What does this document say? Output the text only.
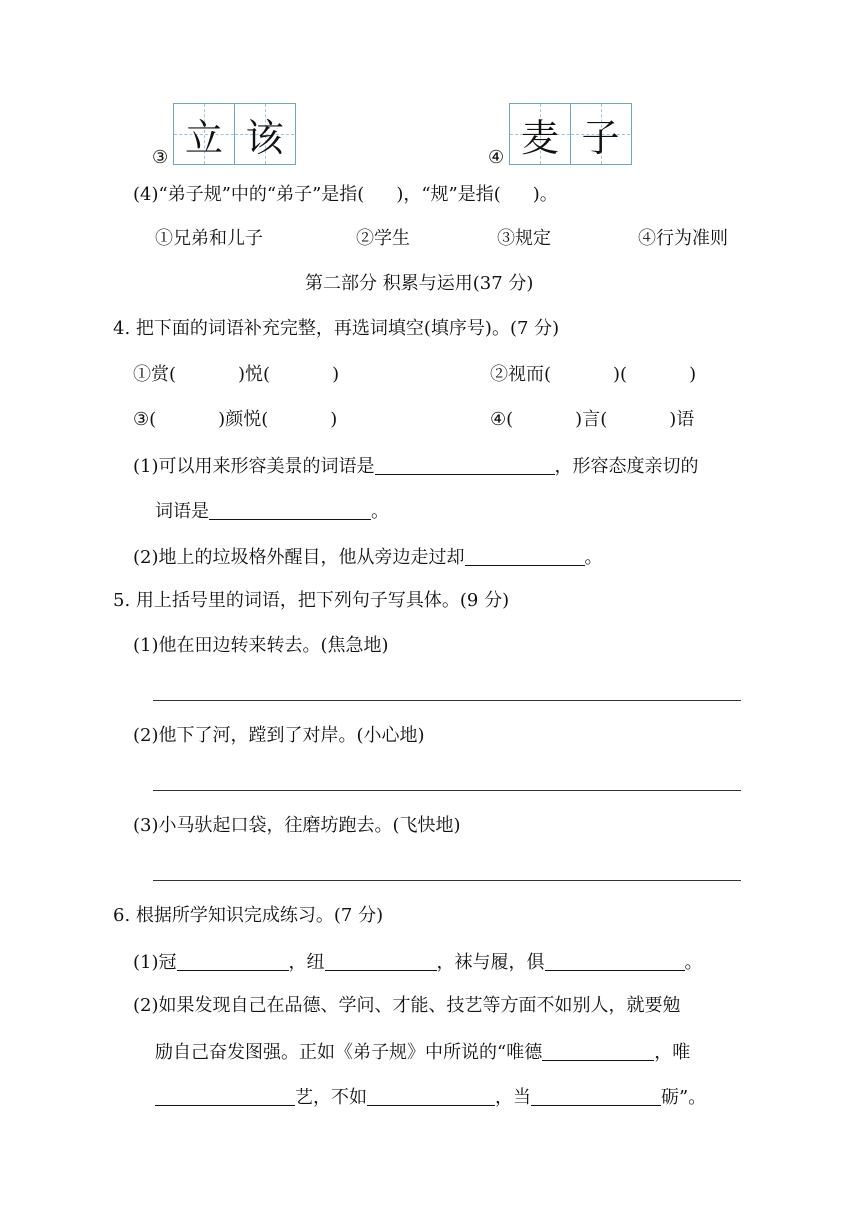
③ 立 该	④ 麦 子
(4)“弟子规”中的“弟子”是指( )，“规”是指( )。
①兄弟和儿子	②学生	③规定	④行为准则
第二部分 积累与运用(37 分)
4. 把下面的词语补充完整，再选词填空(填序号)。(7 分)
①赏(	)悦(	)	②视而(	)(	)
③(	)颜悦(	)	④(	)言(	)语
(1)可以用来形容美景的词语是	，形容态度亲切的
词语是	。
(2)地上的垃圾格外醒目，他从旁边走过却	。
5. 用上括号里的词语，把下列句子写具体。(9 分)
(1)他在田边转来转去。(焦急地)
(2)他下了河，蹚到了对岸。(小心地)
(3)小马驮起口袋，往磨坊跑去。(飞快地)
6. 根据所学知识完成练习。(7 分)
(1)冠	，纽	，袜与履，俱	。
(2)如果发现自己在品德、学问、才能、技艺等方面不如别人，就要勉
励自己奋发图强。正如《弟子规》中所说的“唯德	，唯
艺，不如	，当	砺”。
